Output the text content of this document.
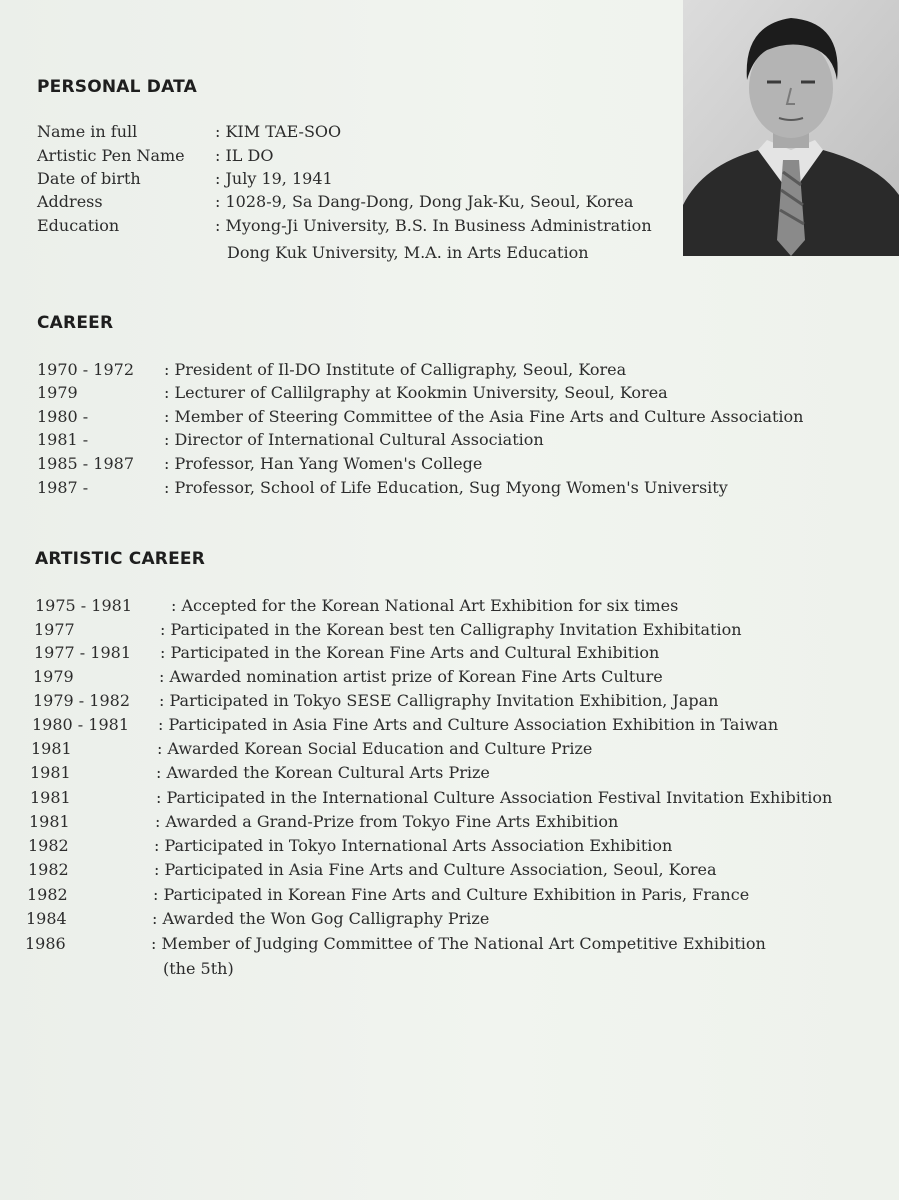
PERSONAL DATA
Name in full	: KIM TAE-SOO
Artistic Pen Name : IL DO
Date of birth	: July 19, 1941
Address	: 1028-9, Sa Dang-Dong, Dong Jak-Ku, Seoul, Korea
Education	: Myong-Ji University, B.S. In Business Administration
Dong Kuk University, M.A. in Arts Education
CAREER
1970 - 1972 : President of Il-DO Institute of Calligraphy, Seoul, Korea
1979	: Lecturer of Callilgraphy at Kookmin University, Seoul, Korea
1980 -	: Member of Steering Committee of the Asia Fine Arts and Culture Association
1981 -	: Director of International Cultural Association
1985 - 1987 : Professor, Han Yang Women's College
1987 -	: Professor, School of Life Education, Sug Myong Women's University
ARTISTIC CAREER
1975 - 1981 : Accepted for the Korean National Art Exhibition for six times
1977	: Participated in the Korean best ten Calligraphy Invitation Exhibitation
1977 - 1981 : Participated in the Korean Fine Arts and Cultural Exhibition
1979	: Awarded nomination artist prize of Korean Fine Arts Culture
1979 - 1982 : Participated in Tokyo SESE Calligraphy Invitation Exhibition, Japan
1980 - 1981 : Participated in Asia Fine Arts and Culture Association Exhibition in Taiwan
1981	: Awarded Korean Social Education and Culture Prize
1981	: Awarded the Korean Cultural Arts Prize
1981	: Participated in the International Culture Association Festival Invitation Exhibition
1981	: Awarded a Grand-Prize from Tokyo Fine Arts Exhibition
1982	: Participated in Tokyo International Arts Association Exhibition
1982	: Participated in Asia Fine Arts and Culture Association, Seoul, Korea
1982	: Participated in Korean Fine Arts and Culture Exhibition in Paris, France
1984	: Awarded the Won Gog Calligraphy Prize
1986	: Member of Judging Committee of The National Art Competitive Exhibition
(the 5th)
